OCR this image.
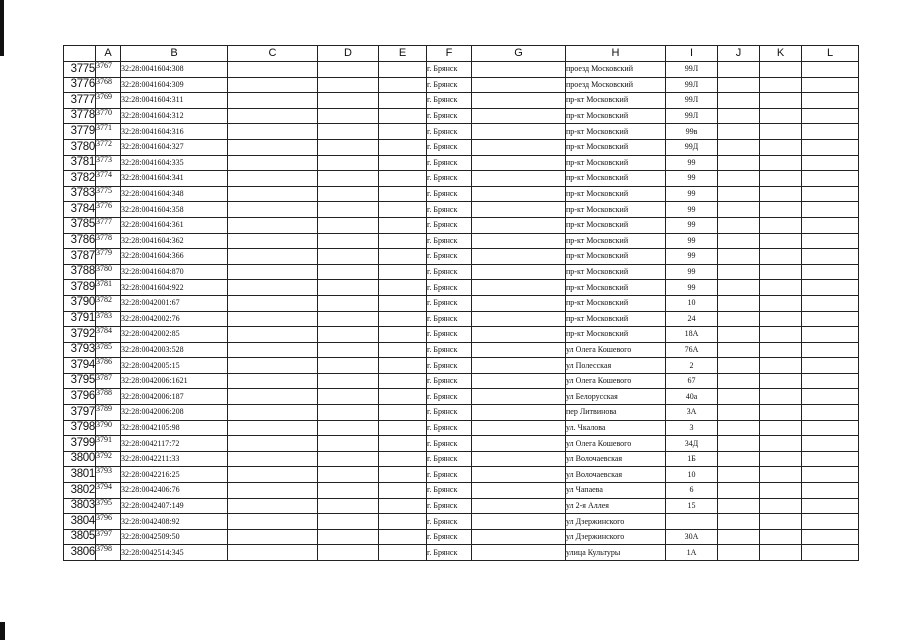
	A	B	C	D	E	F	G	H	I	J	K	L
3775	3767	32:28:0041604:308				г. Брянск		проезд Московский	99Л			
3776	3768	32:28:0041604:309				г. Брянск		проезд Московский	99Л			
3777	3769	32:28:0041604:311				г. Брянск		пр-кт Московский	99Л			
3778	3770	32:28:0041604:312				г. Брянск		пр-кт Московский	99Л			
3779	3771	32:28:0041604:316				г. Брянск		пр-кт Московский	99в			
3780	3772	32:28:0041604:327				г. Брянск		пр-кт Московский	99Д			
3781	3773	32:28:0041604:335				г. Брянск		пр-кт Московский	99			
3782	3774	32:28:0041604:341				г. Брянск		пр-кт Московский	99			
3783	3775	32:28:0041604:348				г. Брянск		пр-кт Московский	99			
3784	3776	32:28:0041604:358				г. Брянск		пр-кт Московский	99			
3785	3777	32:28:0041604:361				г. Брянск		пр-кт Московский	99			
3786	3778	32:28:0041604:362				г. Брянск		пр-кт Московский	99			
3787	3779	32:28:0041604:366				г. Брянск		пр-кт Московский	99			
3788	3780	32:28:0041604:870				г. Брянск		пр-кт Московский	99			
3789	3781	32:28:0041604:922				г. Брянск		пр-кт Московский	99			
3790	3782	32:28:0042001:67				г. Брянск		пр-кт Московский	10			
3791	3783	32:28:0042002:76				г. Брянск		пр-кт Московский	24			
3792	3784	32:28:0042002:85				г. Брянск		пр-кт Московский	18А			
3793	3785	32:28:0042003:528				г. Брянск		ул Олега Кошевого	76А			
3794	3786	32:28:0042005:15				г. Брянск		ул Полесская	2			
3795	3787	32:28:0042006:1621				г. Брянск		ул Олега Кошевого	67			
3796	3788	32:28:0042006:187				г. Брянск		ул Белорусская	40а			
3797	3789	32:28:0042006:208				г. Брянск		пер Литвинова	3А			
3798	3790	32:28:0042105:98				г. Брянск		ул. Чкалова	3			
3799	3791	32:28:0042117:72				г. Брянск		ул Олега Кошевого	34Д			
3800	3792	32:28:0042211:33				г. Брянск		ул Волочаевская	1Б			
3801	3793	32:28:0042216:25				г. Брянск		ул Волочаевская	10			
3802	3794	32:28:0042406:76				г. Брянск		ул Чапаева	6			
3803	3795	32:28:0042407:149				г. Брянск		ул 2-я Аллея	15			
3804	3796	32:28:0042408:92				г. Брянск		ул Дзержинского				
3805	3797	32:28:0042509:50				г. Брянск		ул Дзержинского	30А			
3806	3798	32:28:0042514:345				г. Брянск		улица Культуры	1А			
